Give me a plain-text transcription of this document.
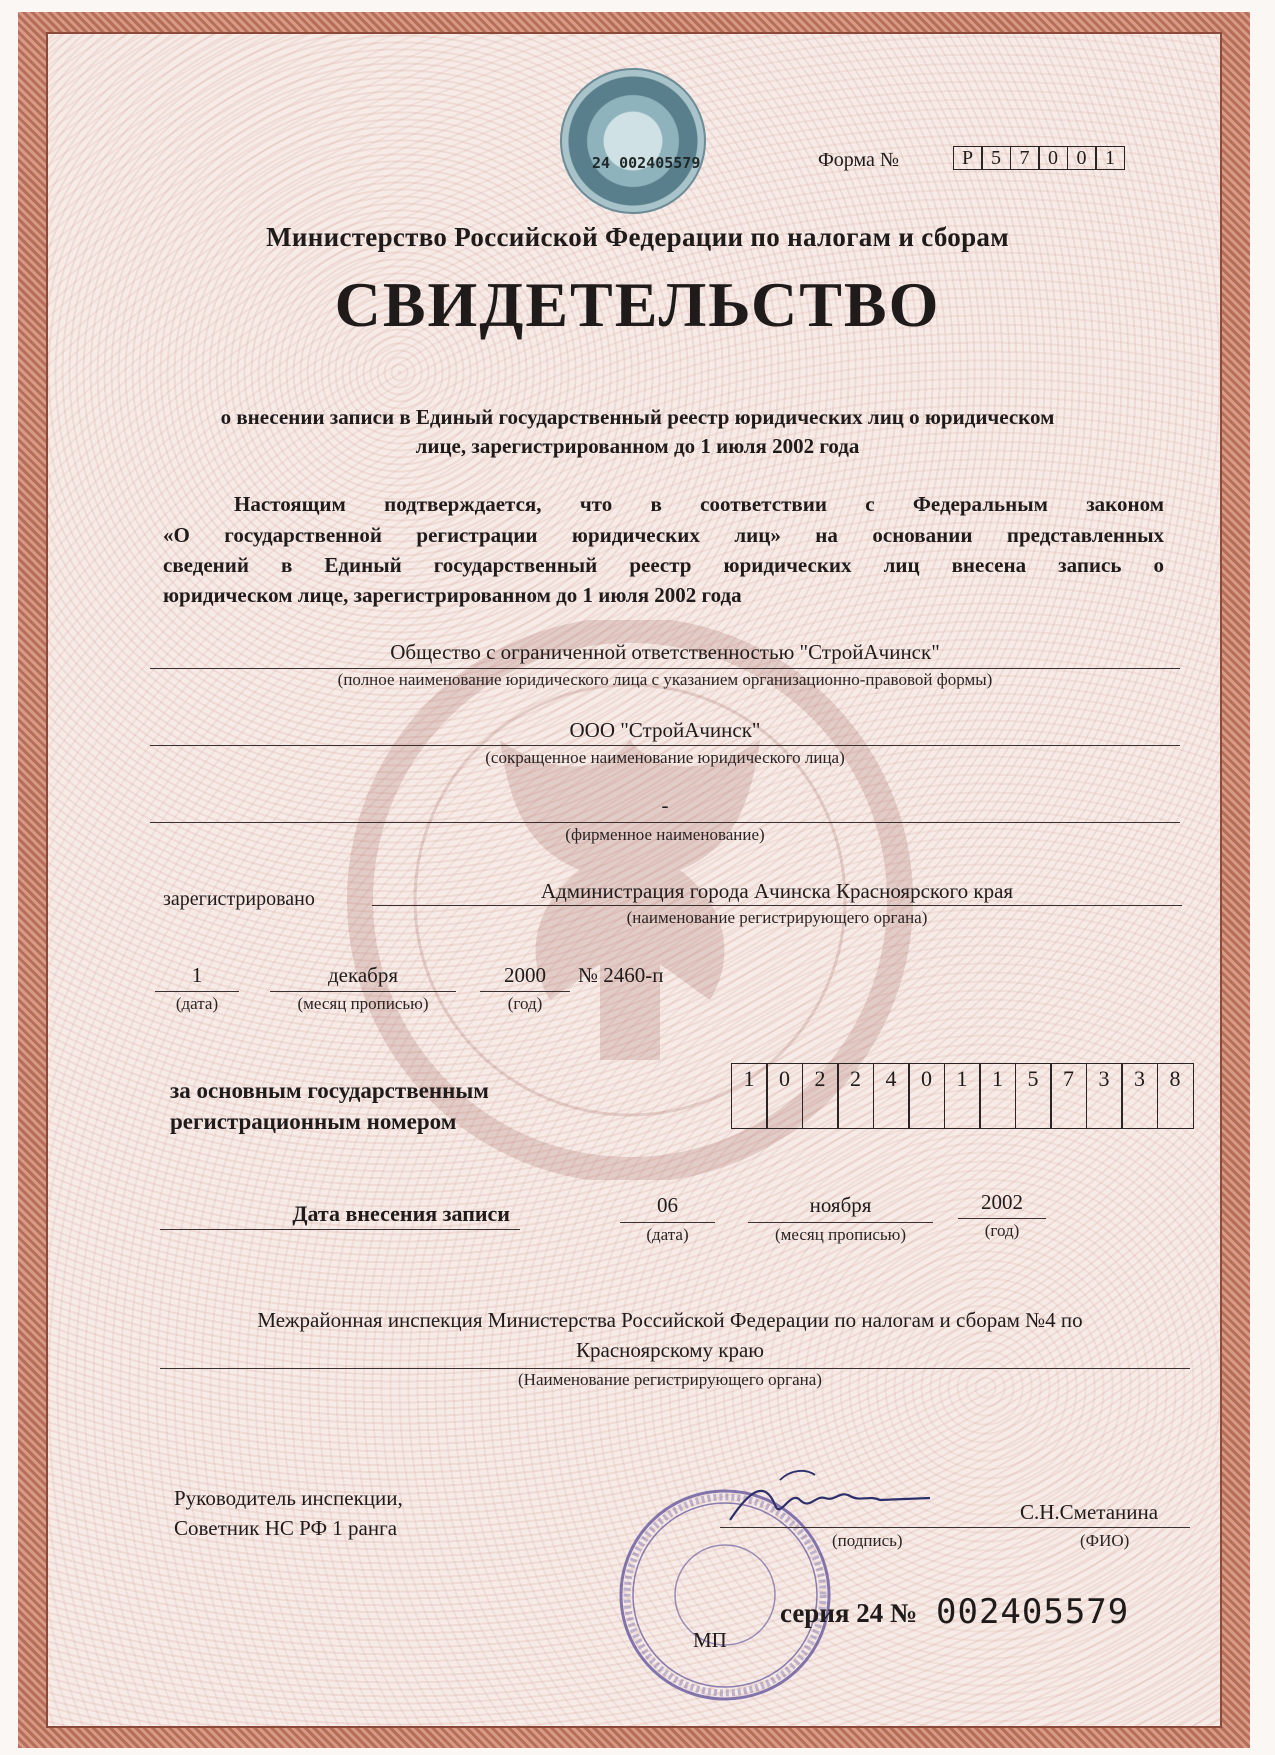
24 002405579	Форма №	Р 5 7 0 0 1
Министерство Российской Федерации по налогам и сборам
СВИДЕТЕЛЬСТВО
о внесении записи в Единый государственный реестр юридических лиц о юридическом
лице, зарегистрированном до 1 июля 2002 года
Настоящим подтверждается, что в соответствии с Федеральным законом
«О государственной регистрации юридических лиц» на основании представленных
сведений в Единый государственный реестр юридических лиц внесена запись о
юридическом лице, зарегистрированном до 1 июля 2002 года
Общество с ограниченной ответственностью "СтройАчинск"
(полное наименование юридического лица с указанием организационно-правовой формы)
ООО "СтройАчинск"
(сокращенное наименование юридического лица)
-
(фирменное наименование)
зарегистрировано	Администрация города Ачинска Красноярского края
(наименование регистрирующего органа)
1
(дата)
декабря
(месяц прописью)
2000
(год)
№ 2460-п
за основным государственным
регистрационным номером
1	0	2	2	4	0	1	1	5	7	3	3	8
Дата внесения записи	06
(дата)
ноября
(месяц прописью)
2002
(год)
Межрайонная инспекция Министерства Российской Федерации по налогам и сборам №4 по
Красноярскому краю
(Наименование регистрирующего органа)
Руководитель инспекции,
Советник НС РФ 1 ранга
(подпись)
С.Н.Сметанина
(ФИО)
МП
серия 24 № 002405579
